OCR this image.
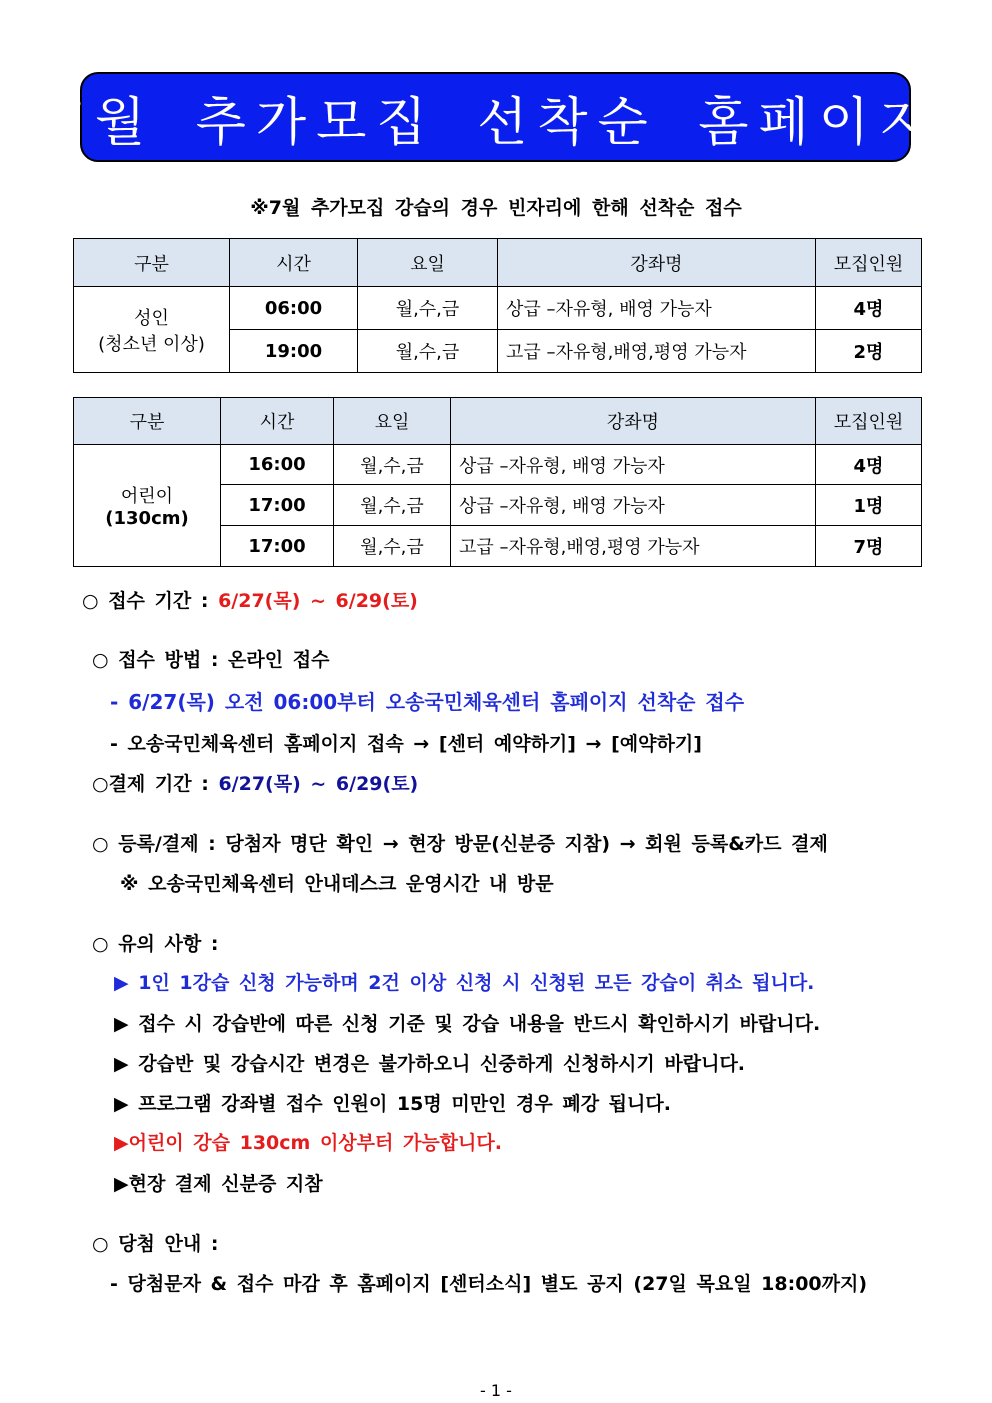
7월 추가모집 선착순 홈페이지
※7월 추가모집 강습의 경우 빈자리에 한해 선착순 접수
구분	시간	요일	강좌명	모집인원

성인
(청소년 이상)	06:00	월,수,금	상급 –자유형, 배영 가능자	4명
	19:00	월,수,금	고급 –자유형,배영,평영 가능자	2명
구분	시간	요일	강좌명	모집인원

어린이
(130cm)	16:00	월,수,금	상급 –자유형, 배영 가능자	4명
	17:00	월,수,금	상급 –자유형, 배영 가능자	1명
	17:00	월,수,금	고급 –자유형,배영,평영 가능자	7명
○ 접수 기간 : 6/27(목) ~ 6/29(토)
○ 접수 방법 : 온라인 접수
- 6/27(목) 오전 06:00부터 오송국민체육센터 홈페이지 선착순 접수
- 오송국민체육센터 홈페이지 접속 → [센터 예약하기] → [예약하기]
○결제 기간 : 6/27(목) ~ 6/29(토)
○ 등록/결제 : 당첨자 명단 확인 → 현장 방문(신분증 지참) → 회원 등록&카드 결제
※ 오송국민체육센터 안내데스크 운영시간 내 방문
○ 유의 사항 :
▶ 1인 1강습 신청 가능하며 2건 이상 신청 시 신청된 모든 강습이 취소 됩니다.
▶ 접수 시 강습반에 따른 신청 기준 및 강습 내용을 반드시 확인하시기 바랍니다.
▶ 강습반 및 강습시간 변경은 불가하오니 신중하게 신청하시기 바랍니다.
▶ 프로그램 강좌별 접수 인원이 15명 미만인 경우 폐강 됩니다.
▶어린이 강습 130cm 이상부터 가능합니다.
▶현장 결제 신분증 지참
○ 당첨 안내 :
- 당첨문자 & 접수 마감 후 홈페이지 [센터소식] 별도 공지 (27일 목요일 18:00까지)
- 1 -
